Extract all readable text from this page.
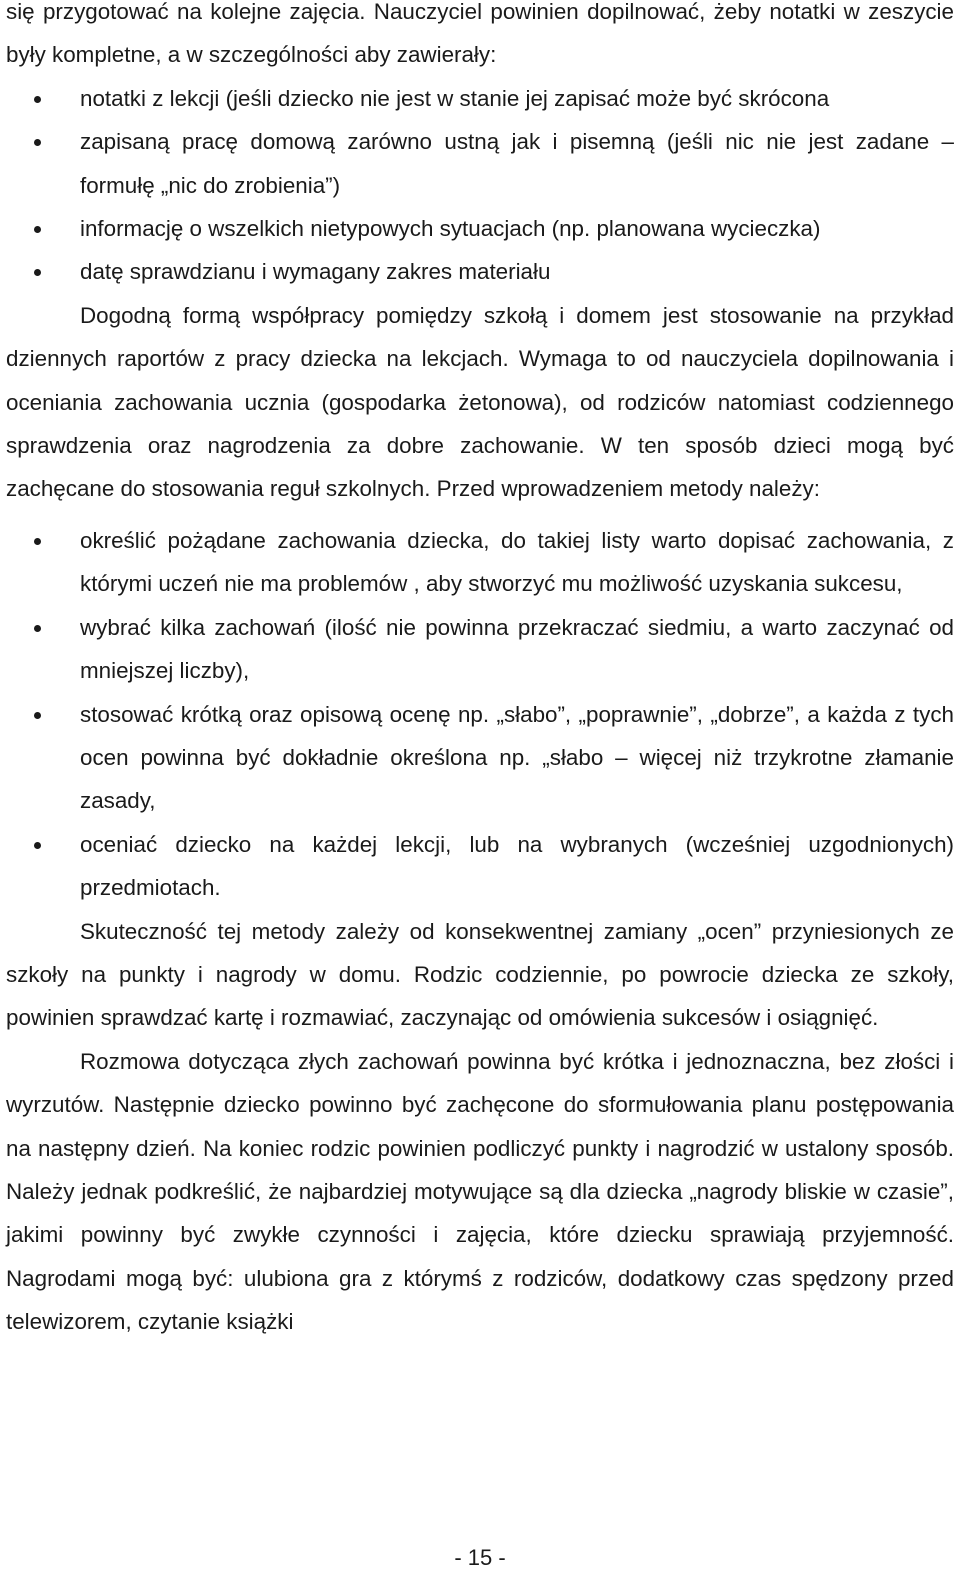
się przygotować na kolejne zajęcia. Nauczyciel powinien dopilnować, żeby notatki w zeszycie były kompletne, a w szczególności aby zawierały:

notatki z lekcji (jeśli dziecko nie jest w stanie jej zapisać może być skrócona
zapisaną pracę domową zarówno ustną jak i pisemną (jeśli nic nie jest zadane – formułę „nic do zrobienia”)
informację o wszelkich nietypowych sytuacjach (np. planowana wycieczka)
datę sprawdzianu i wymagany zakres materiału

Dogodną formą współpracy pomiędzy szkołą i domem jest stosowanie na przykład dziennych raportów z pracy dziecka na lekcjach. Wymaga to od nauczyciela dopilnowania i oceniania zachowania ucznia (gospodarka żetonowa), od rodziców natomiast codziennego sprawdzenia oraz nagrodzenia za dobre zachowanie. W ten sposób dzieci mogą być zachęcane do stosowania reguł szkolnych. Przed wprowadzeniem metody należy:

określić pożądane zachowania dziecka, do takiej listy warto dopisać zachowania, z którymi uczeń nie ma problemów , aby stworzyć mu możliwość uzyskania sukcesu,
wybrać kilka zachowań (ilość nie powinna przekraczać siedmiu, a warto zaczynać od mniejszej liczby),
stosować krótką oraz opisową ocenę np. „słabo”, „poprawnie”, „dobrze”, a każda z tych ocen powinna być dokładnie określona np. „słabo – więcej niż trzykrotne złamanie zasady,
oceniać dziecko na każdej lekcji, lub na wybranych (wcześniej uzgodnionych) przedmiotach.

Skuteczność tej metody zależy od konsekwentnej zamiany „ocen” przyniesionych ze szkoły na punkty i nagrody w domu. Rodzic codziennie, po powrocie dziecka ze szkoły, powinien sprawdzać kartę i rozmawiać, zaczynając od omówienia sukcesów i osiągnięć.

Rozmowa dotycząca złych zachowań powinna być krótka i jednoznaczna, bez złości i wyrzutów. Następnie dziecko powinno być zachęcone do sformułowania planu postępowania na następny dzień. Na koniec rodzic powinien podliczyć punkty i nagrodzić w ustalony sposób. Należy jednak podkreślić, że najbardziej motywujące są dla dziecka „nagrody bliskie w czasie”, jakimi powinny być zwykłe czynności i zajęcia, które dziecku sprawiają przyjemność. Nagrodami mogą być: ulubiona gra z którymś z rodziców, dodatkowy czas spędzony przed telewizorem, czytanie książki

- 15 -
